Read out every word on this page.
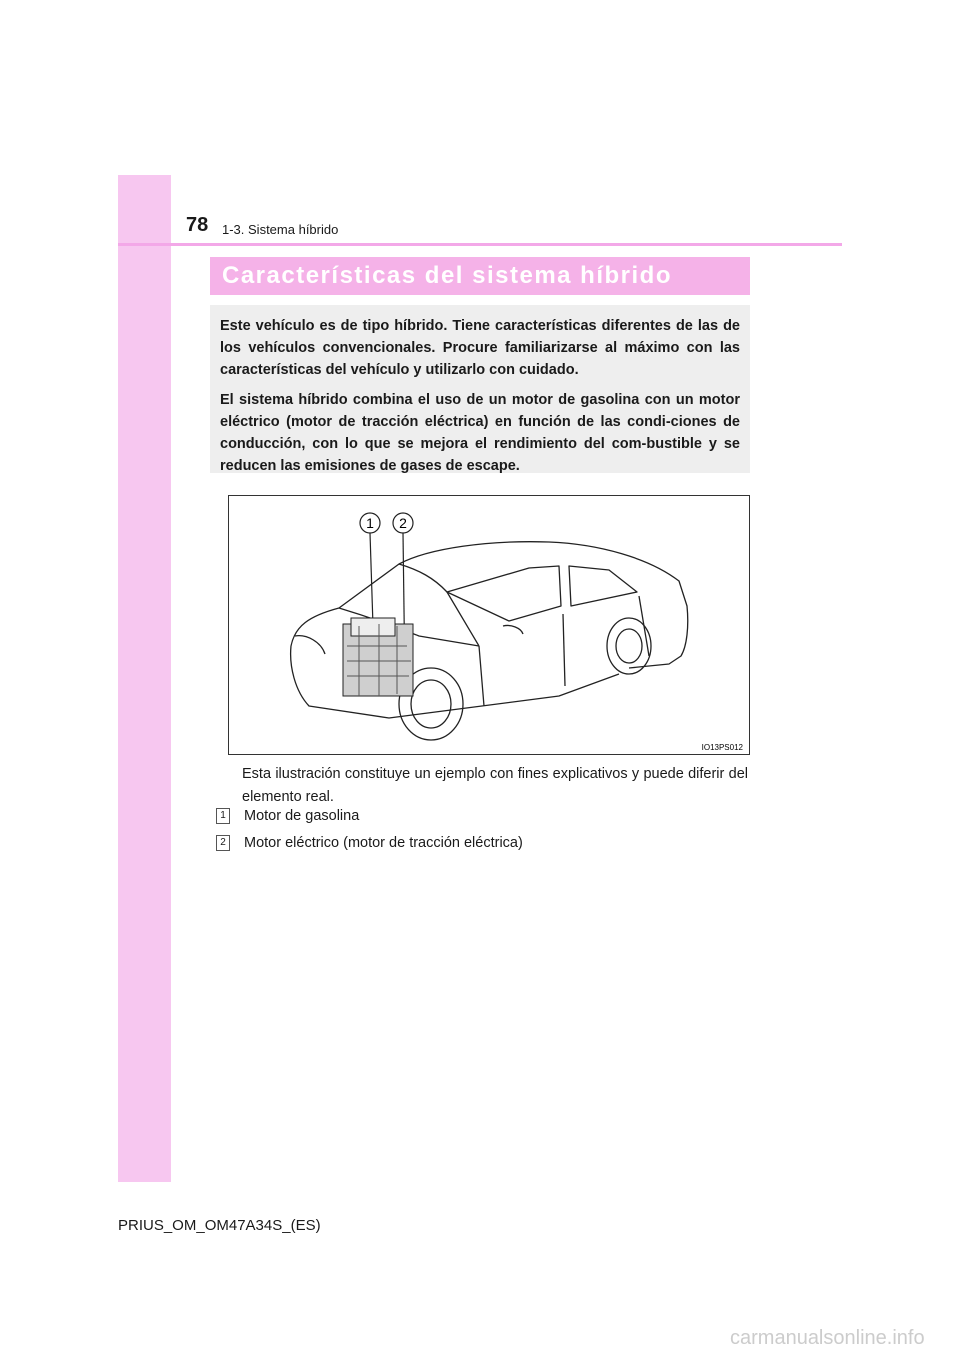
78 1-3. Sistema híbrido
Características del sistema híbrido

Este vehículo es de tipo híbrido. Tiene características diferentes de las de los vehículos convencionales. Procure familiarizarse al máximo con las características del vehículo y utilizarlo con cuidado.

El sistema híbrido combina el uso de un motor de gasolina con un motor eléctrico (motor de tracción eléctrica) en función de las condi-ciones de conducción, con lo que se mejora el rendimiento del com-bustible y se reducen las emisiones de gases de escape.

1 2
IO13PS012
Esta ilustración constituye un ejemplo con fines explicativos y puede diferir del elemento real.
1 Motor de gasolina
2 Motor eléctrico (motor de tracción eléctrica)
PRIUS_OM_OM47A34S_(ES)
carmanualsonline.info
